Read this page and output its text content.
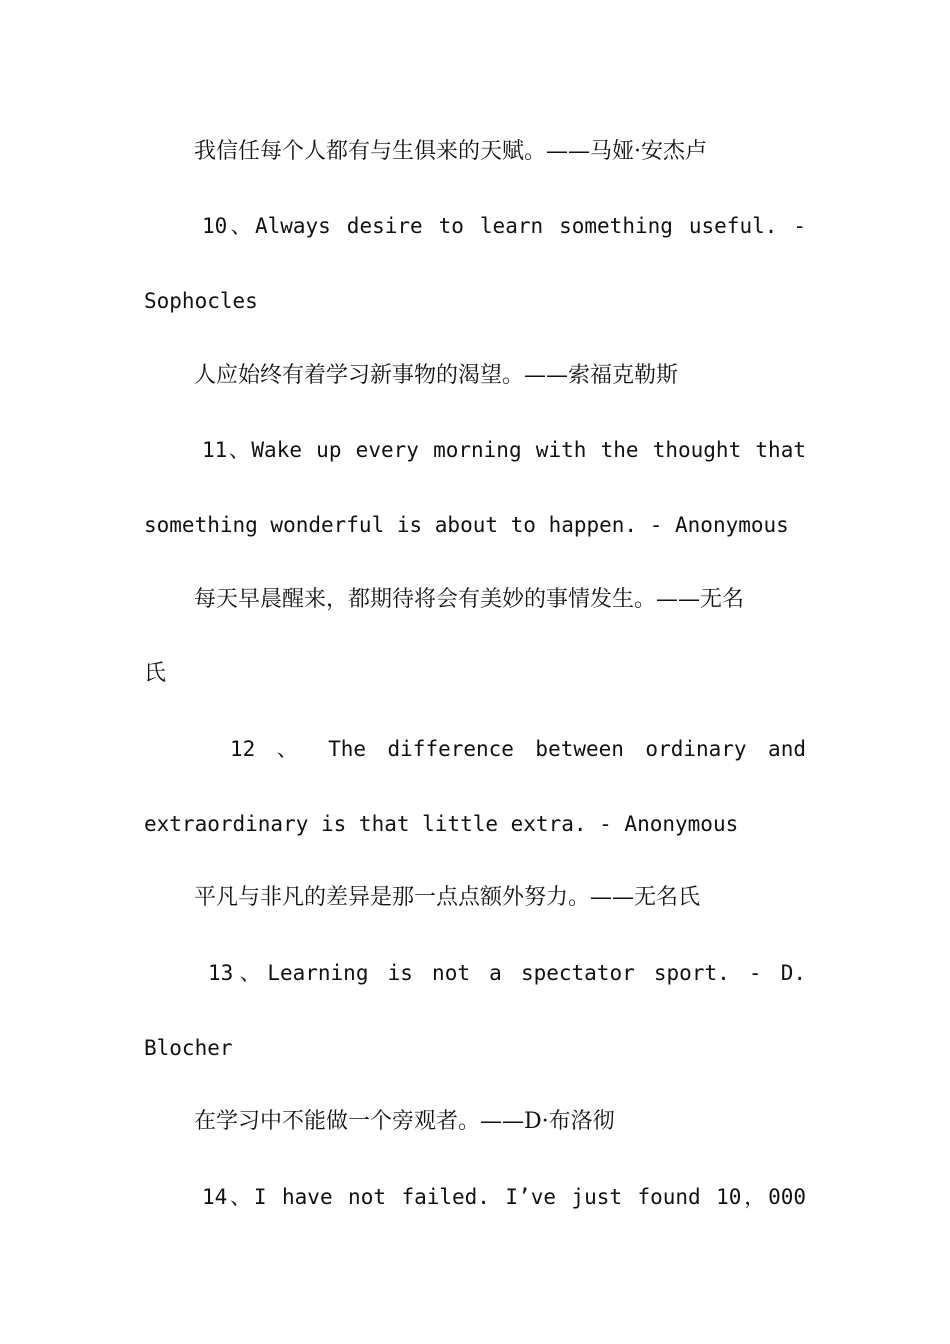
我信任每个人都有与生俱来的天赋。——马娅·安杰卢
10、Always desire to learn something useful. -
Sophocles
人应始终有着学习新事物的渴望。——索福克勒斯
11、Wake up every morning with the thought that
something wonderful is about to happen. - Anonymous
每天早晨醒来，都期待将会有美妙的事情发生。——无名
氏
12 、 The difference between ordinary and
extraordinary is that little extra. - Anonymous
平凡与非凡的差异是那一点点额外努力。——无名氏
13、Learning is not a spectator sport. - D.
Blocher
在学习中不能做一个旁观者。——D·布洛彻
14、I have not failed. I’ve just found 10，000
